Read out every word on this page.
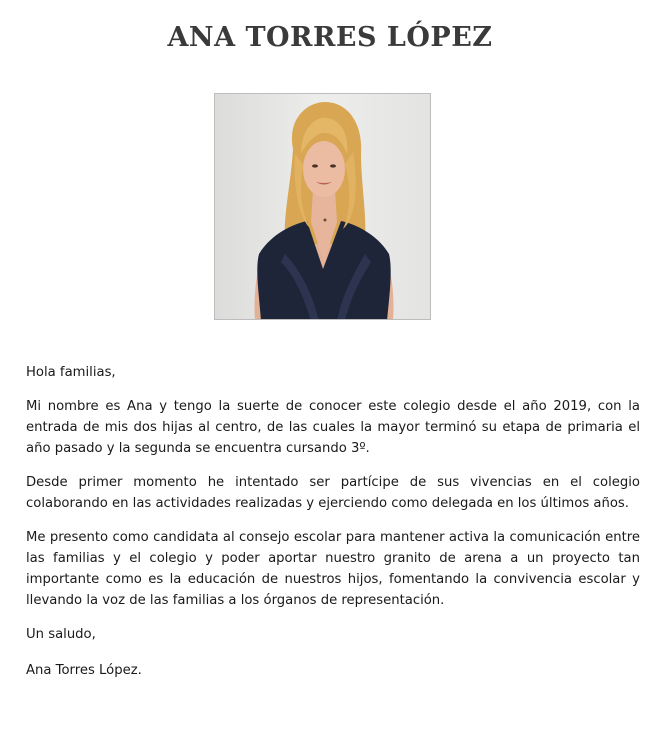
ANA TORRES LÓPEZ

Hola familias,

Mi nombre es Ana y tengo la suerte de conocer este colegio desde el año 2019, con la entrada de mis dos hijas al centro, de las cuales la mayor terminó su etapa de primaria el año pasado y la segunda se encuentra cursando 3º.

Desde primer momento he intentado ser partícipe de sus vivencias en el colegio colaborando en las actividades realizadas y ejerciendo como delegada en los últimos años.

Me presento como candidata al consejo escolar para mantener activa la comunicación entre las familias y el colegio y poder aportar nuestro granito de arena a un proyecto tan importante como es la educación de nuestros hijos, fomentando la convivencia escolar y llevando la voz de las familias a los órganos de representación.

Un saludo,

Ana Torres López.
